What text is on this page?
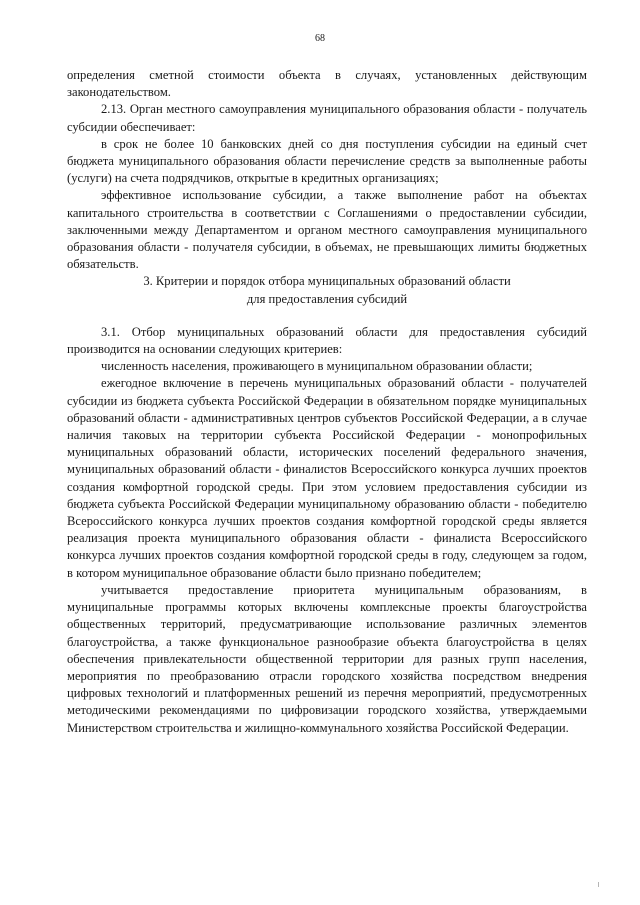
68

определения сметной стоимости объекта в случаях, установленных действующим законодательством.

2.13. Орган местного самоуправления муниципального образования области - получатель субсидии обеспечивает:

в срок не более 10 банковских дней со дня поступления субсидии на единый счет бюджета муниципального образования области перечисление средств за выполненные работы (услуги) на счета подрядчиков, открытые в кредитных организациях;

эффективное использование субсидии, а также выполнение работ на объектах капитального строительства в соответствии с Соглашениями о предоставлении субсидии, заключенными между Департаментом и органом местного самоуправления муниципального образования области - получателя субсидии, в объемах, не превышающих лимиты бюджетных обязательств.

3. Критерии и порядок отбора муниципальных образований области

для предоставления субсидий

3.1. Отбор муниципальных образований области для предоставления субсидий производится на основании следующих критериев:

численность населения, проживающего в муниципальном образовании области;

ежегодное включение в перечень муниципальных образований области - получателей субсидии из бюджета субъекта Российской Федерации в обязательном порядке муниципальных образований области - административных центров субъектов Российской Федерации, а в случае наличия таковых на территории субъекта Российской Федерации - монопрофильных муниципальных образований области, исторических поселений федерального значения, муниципальных образований области - финалистов Всероссийского конкурса лучших проектов создания комфортной городской среды. При этом условием предоставления субсидии из бюджета субъекта Российской Федерации муниципальному образованию области - победителю Всероссийского конкурса лучших проектов создания комфортной городской среды является реализация проекта муниципального образования области - финалиста Всероссийского конкурса лучших проектов создания комфортной городской среды в году, следующем за годом, в котором муниципальное образование области было признано победителем;

учитывается предоставление приоритета муниципальным образованиям, в муниципальные программы которых включены комплексные проекты благоустройства общественных территорий, предусматривающие использование различных элементов благоустройства, а также функциональное разнообразие объекта благоустройства в целях обеспечения привлекательности общественной территории для разных групп населения, мероприятия по преобразованию отрасли городского хозяйства посредством внедрения цифровых технологий и платформенных решений из перечня мероприятий, предусмотренных методическими рекомендациями по цифровизации городского хозяйства, утверждаемыми Министерством строительства и жилищно-коммунального хозяйства Российской Федерации.
